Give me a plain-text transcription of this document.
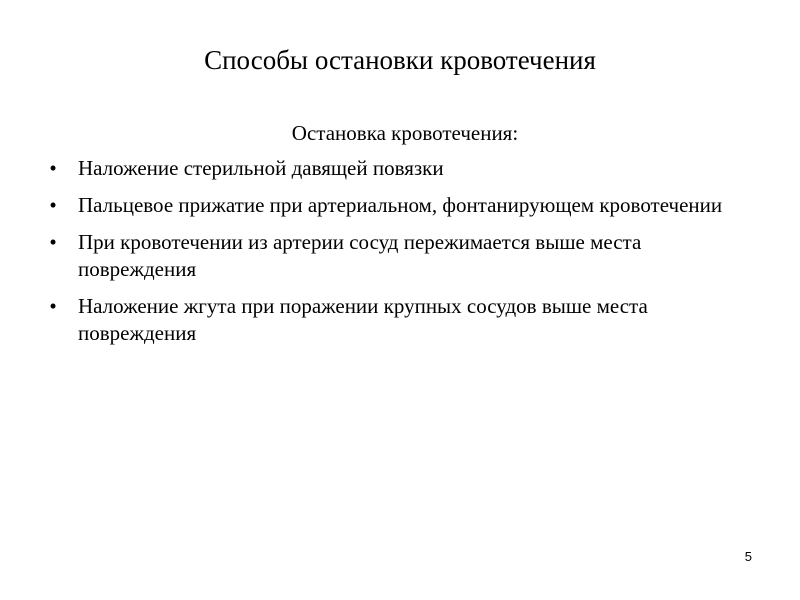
Способы остановки кровотечения

Остановка кровотечения:

• Наложение стерильной давящей повязки
• Пальцевое прижатие при артериальном, фонтанирующем кровотечении
• При кровотечении из артерии сосуд пережимается выше места повреждения
• Наложение жгута при поражении крупных сосудов выше места повреждения
5
